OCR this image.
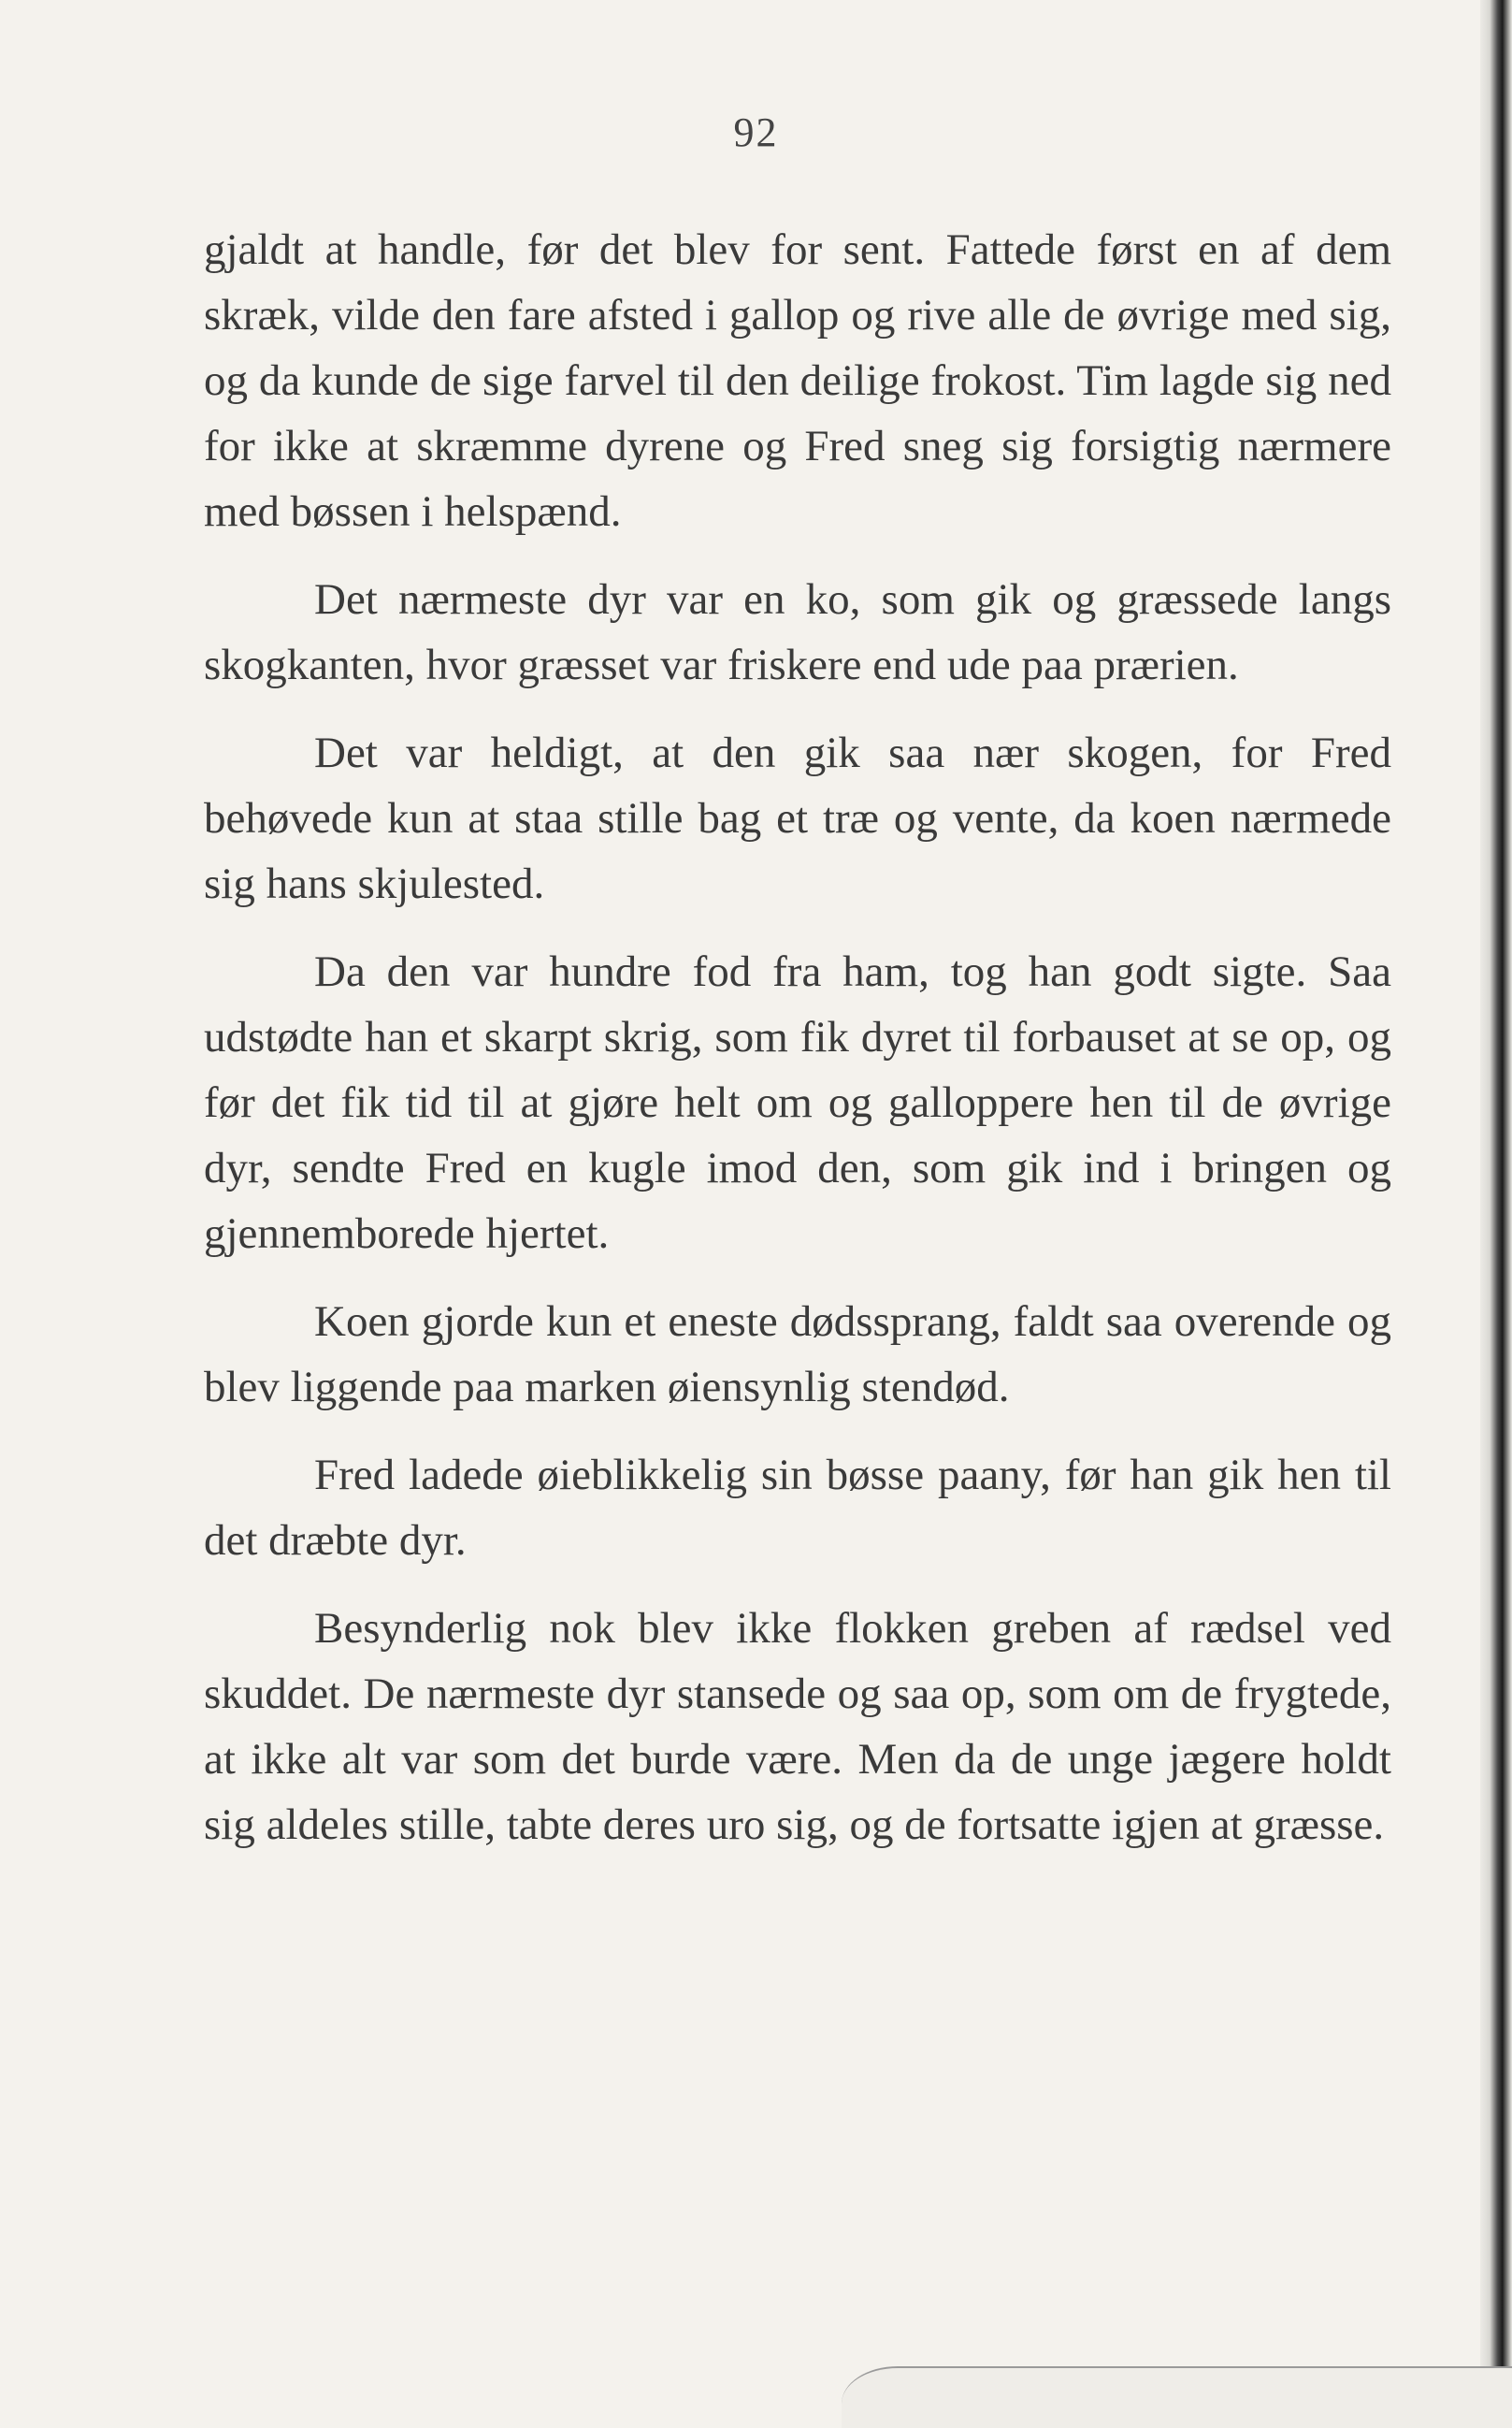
92

gjaldt at handle, før det blev for sent. Fattede først en af dem skræk, vilde den fare afsted i gallop og rive alle de øvrige med sig, og da kunde de sige farvel til den deilige frokost. Tim lagde sig ned for ikke at skræmme dyrene og Fred sneg sig forsigtig nærmere med bøssen i helspænd.

Det nærmeste dyr var en ko, som gik og græssede langs skogkanten, hvor græsset var friskere end ude paa prærien.

Det var heldigt, at den gik saa nær skogen, for Fred behøvede kun at staa stille bag et træ og vente, da koen nærmede sig hans skjulested.

Da den var hundre fod fra ham, tog han godt sigte. Saa udstødte han et skarpt skrig, som fik dyret til forbauset at se op, og før det fik tid til at gjøre helt om og galloppere hen til de øvrige dyr, sendte Fred en kugle imod den, som gik ind i bringen og gjennemborede hjertet.

Koen gjorde kun et eneste dødssprang, faldt saa overende og blev liggende paa marken øiensynlig stendød.

Fred ladede øieblikkelig sin bøsse paany, før han gik hen til det dræbte dyr.

Besynderlig nok blev ikke flokken greben af rædsel ved skuddet. De nærmeste dyr stansede og saa op, som om de frygtede, at ikke alt var som det burde være. Men da de unge jægere holdt sig aldeles stille, tabte deres uro sig, og de fortsatte igjen at græsse.
